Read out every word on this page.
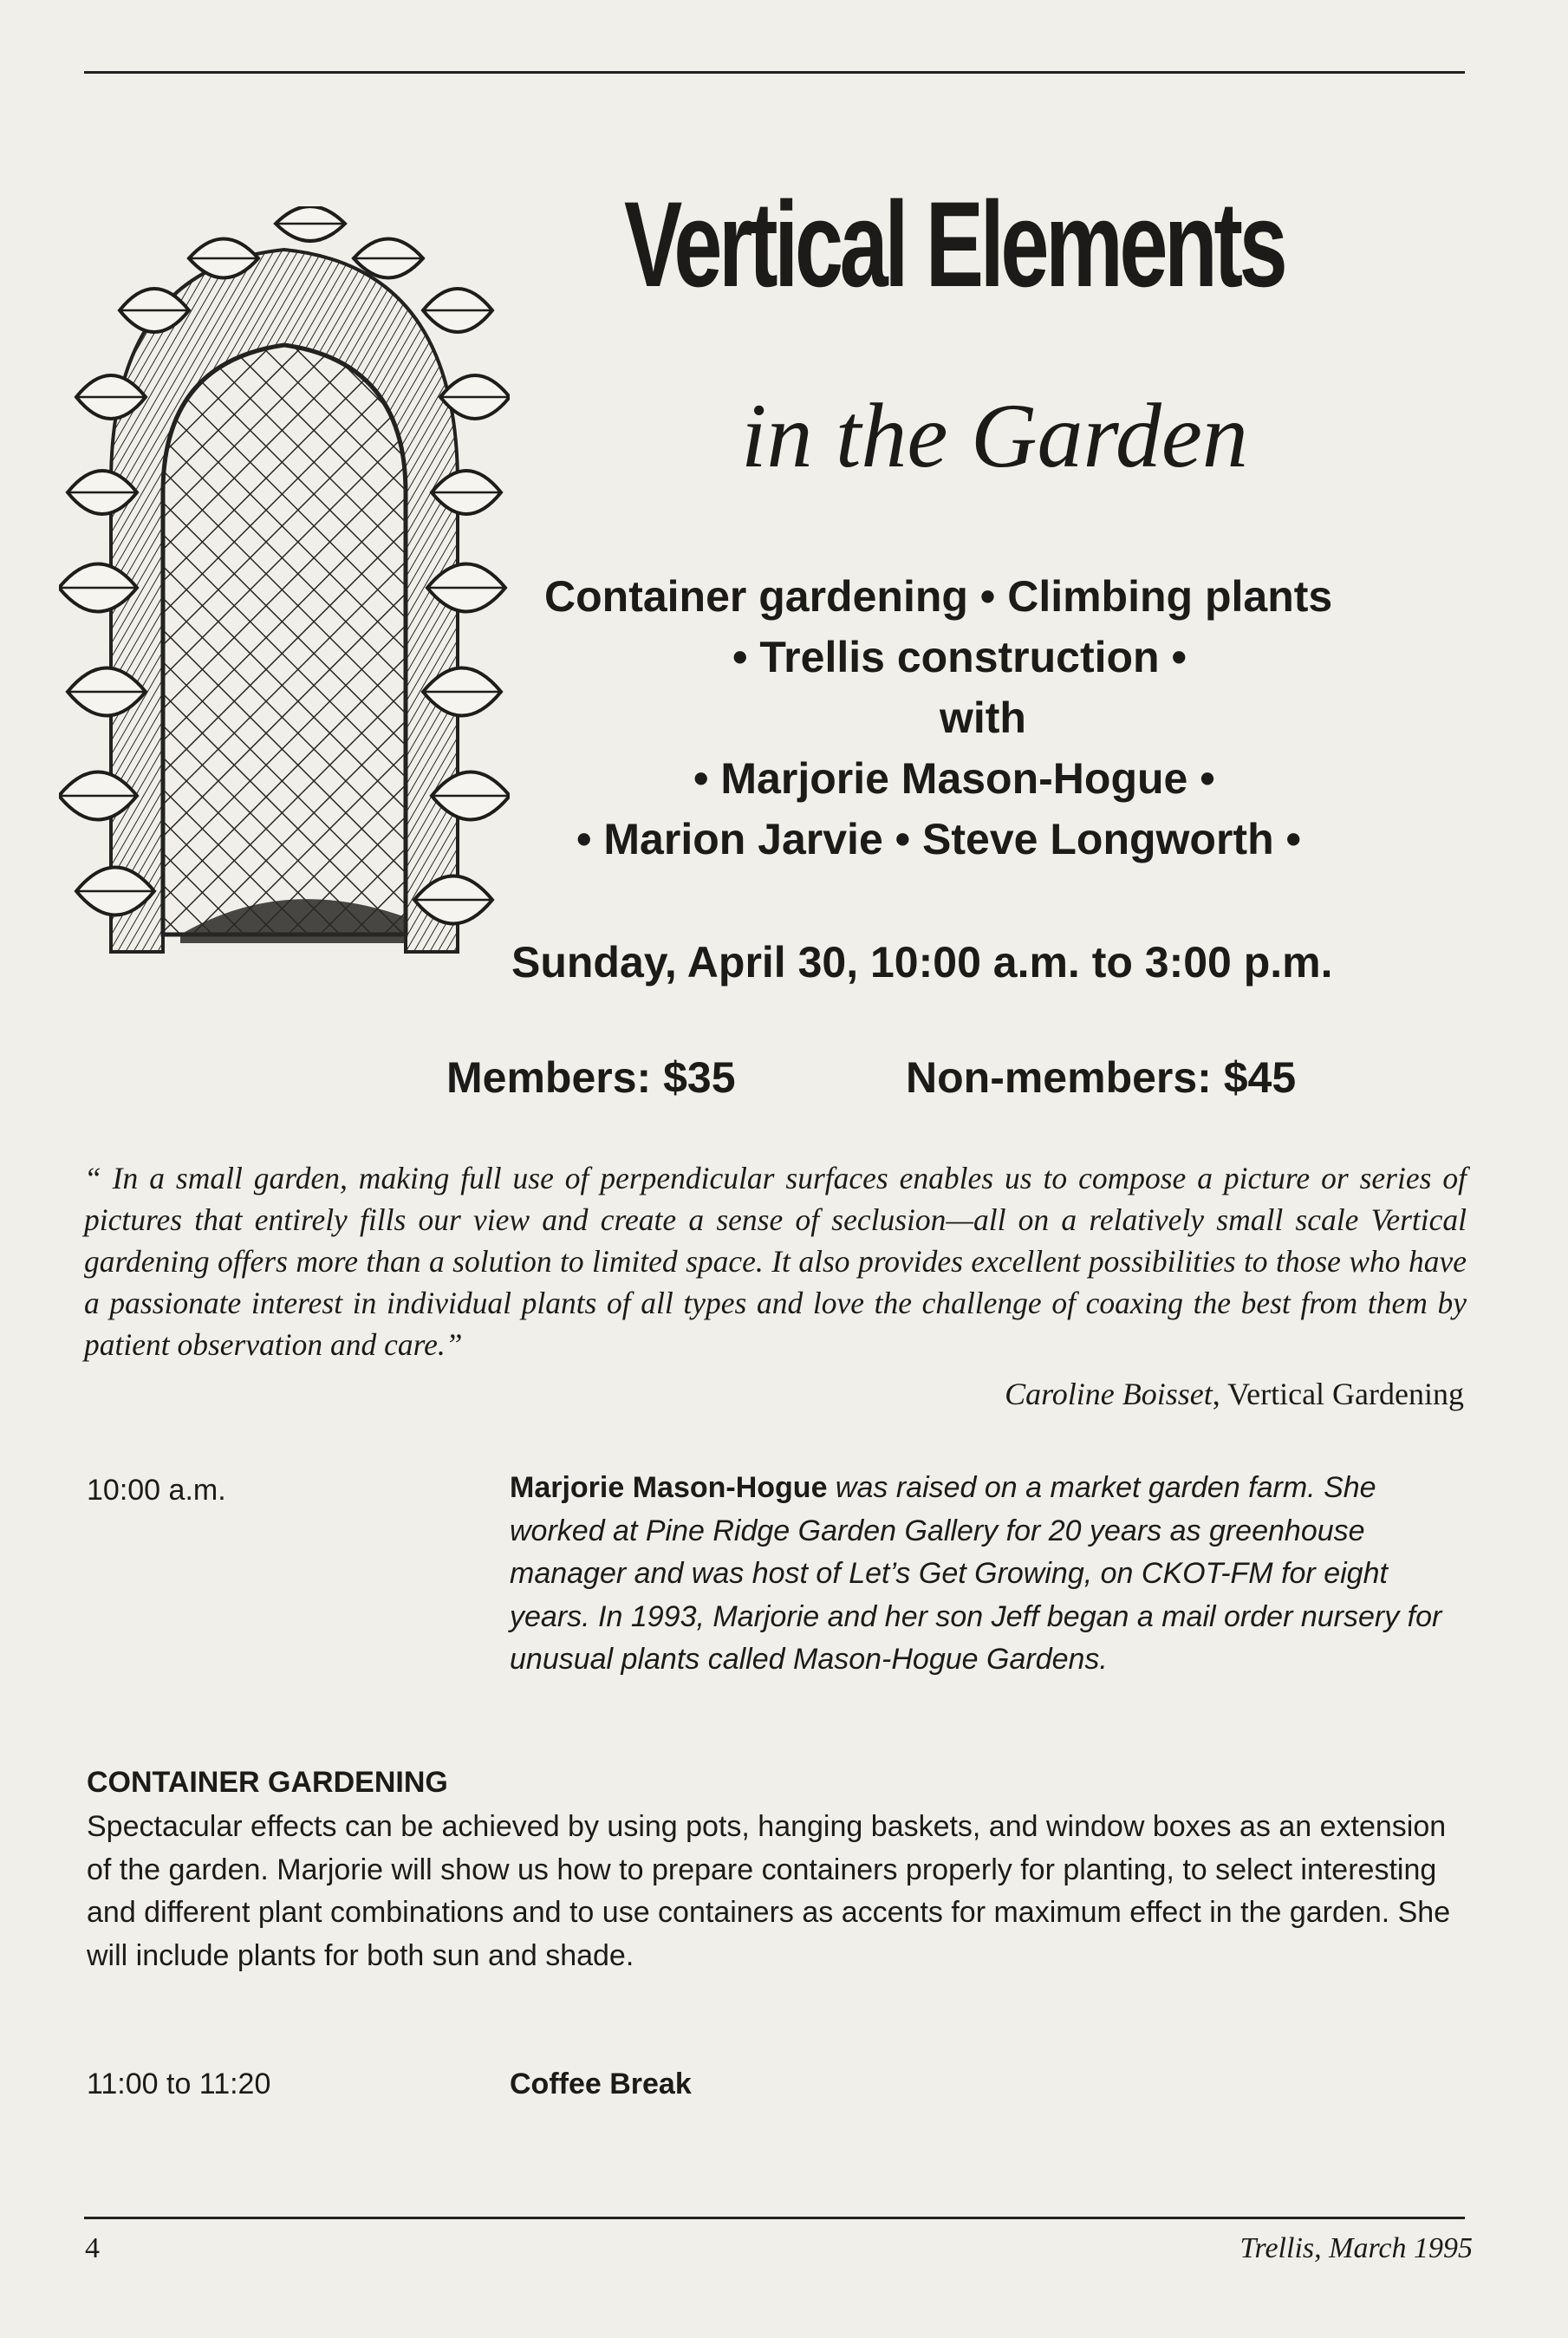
Vertical Elements
in the Garden
Container gardening • Climbing plants
• Trellis construction •
with
• Marjorie Mason-Hogue •
• Marion Jarvie • Steve Longworth •
Sunday, April 30, 10:00 a.m. to 3:00 p.m.
Members: $35	Non-members: $45
“ In a small garden, making full use of perpendicular surfaces enables us to compose a picture or series of pictures that entirely fills our view and create a sense of seclusion—all on a relatively small scale Vertical gardening offers more than a solution to limited space. It also provides excellent possibilities to those who have a passionate interest in individual plants of all types and love the challenge of coaxing the best from them by patient observation and care.”
Caroline Boisset, Vertical Gardening
10:00 a.m.	Marjorie Mason-Hogue was raised on a market garden farm. She worked at Pine Ridge Garden Gallery for 20 years as greenhouse manager and was host of Let’s Get Growing, on CKOT-FM for eight years. In 1993, Marjorie and her son Jeff began a mail order nursery for unusual plants called Mason-Hogue Gardens.
CONTAINER GARDENING
Spectacular effects can be achieved by using pots, hanging baskets, and window boxes as an extension of the garden. Marjorie will show us how to prepare containers properly for planting, to select interesting and different plant combinations and to use containers as accents for maximum effect in the garden. She will include plants for both sun and shade.
11:00 to 11:20	Coffee Break
4	Trellis, March 1995
